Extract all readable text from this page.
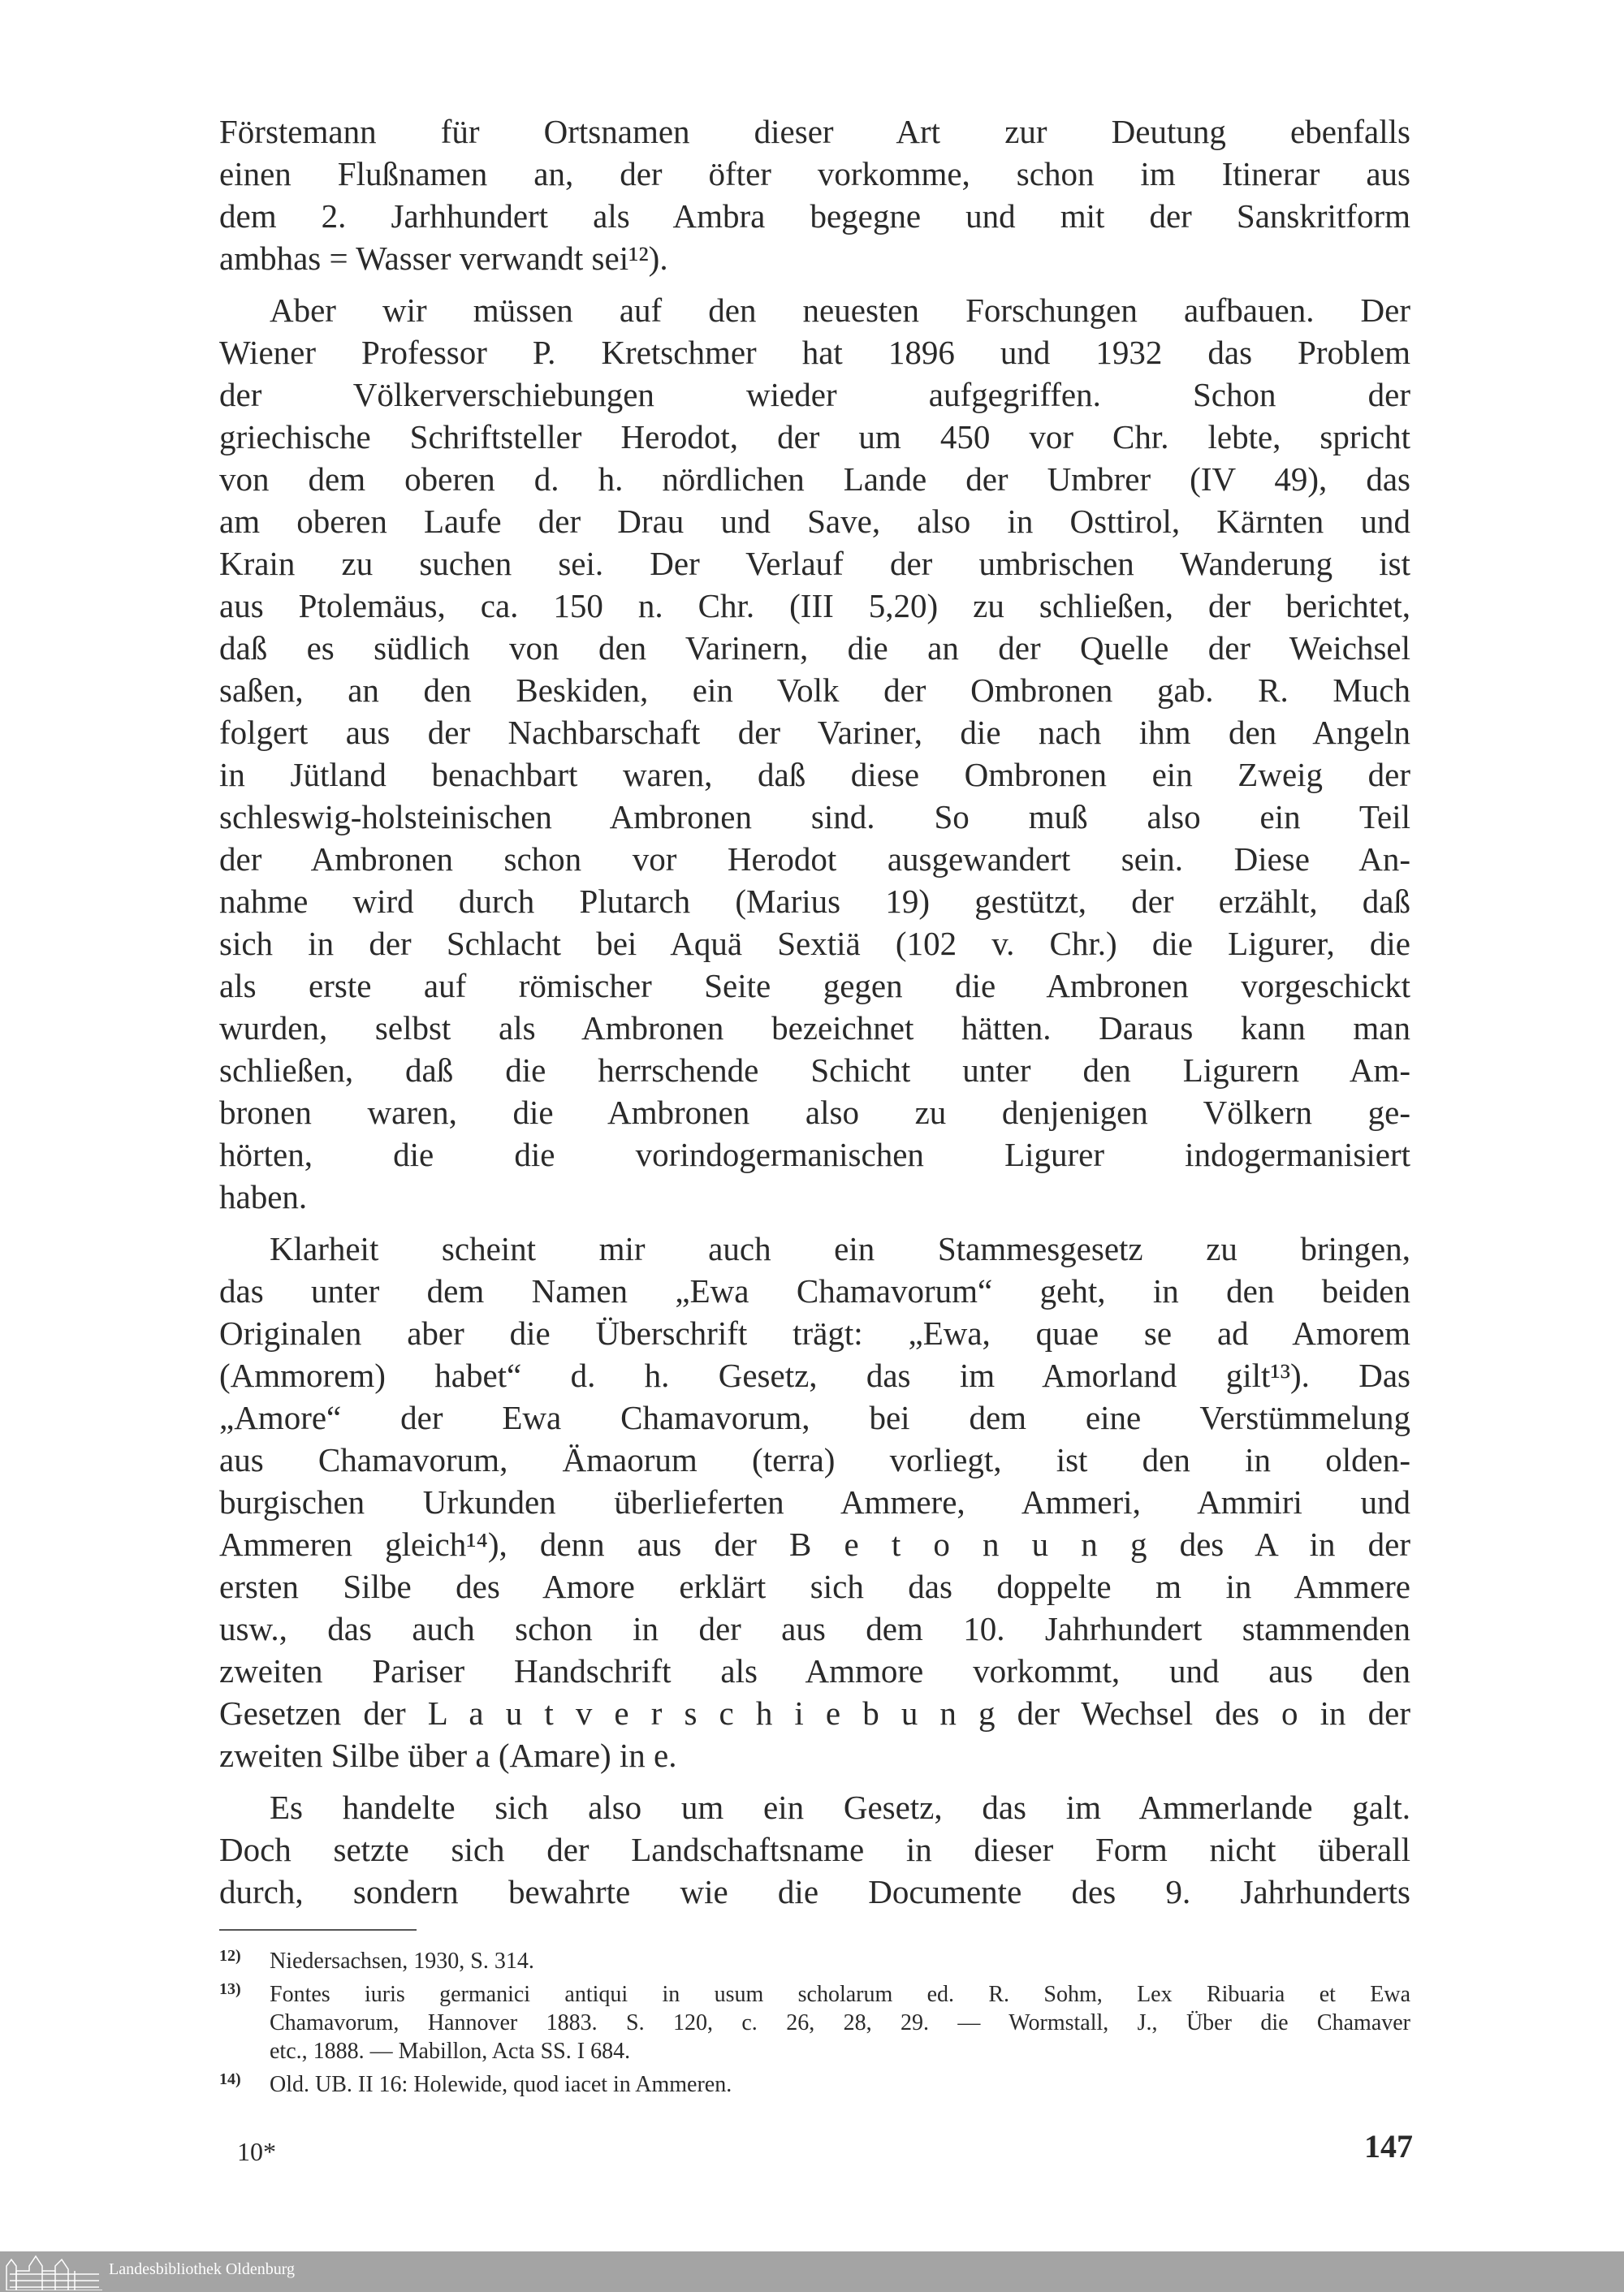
Förstemann für Ortsnamen dieser Art zur Deutung ebenfalls
einen Flußnamen an, der öfter vorkomme, schon im Itinerar aus
dem 2. Jarhhundert als Ambra begegne und mit der Sanskritform
ambhas = Wasser verwandt sei¹²).
Aber wir müssen auf den neuesten Forschungen aufbauen. Der
Wiener Professor P. Kretschmer hat 1896 und 1932 das Problem
der Völkerverschiebungen wieder aufgegriffen. Schon der
griechische Schriftsteller Herodot, der um 450 vor Chr. lebte, spricht
von dem oberen d. h. nördlichen Lande der Umbrer (IV 49), das
am oberen Laufe der Drau und Save, also in Osttirol, Kärnten und
Krain zu suchen sei. Der Verlauf der umbrischen Wanderung ist
aus Ptolemäus, ca. 150 n. Chr. (III 5,20) zu schließen, der berichtet,
daß es südlich von den Varinern, die an der Quelle der Weichsel
saßen, an den Beskiden, ein Volk der Ombronen gab. R. Much
folgert aus der Nachbarschaft der Variner, die nach ihm den Angeln
in Jütland benachbart waren, daß diese Ombronen ein Zweig der
schleswig-holsteinischen Ambronen sind. So muß also ein Teil
der Ambronen schon vor Herodot ausgewandert sein. Diese An-
nahme wird durch Plutarch (Marius 19) gestützt, der erzählt, daß
sich in der Schlacht bei Aquä Sextiä (102 v. Chr.) die Ligurer, die
als erste auf römischer Seite gegen die Ambronen vorgeschickt
wurden, selbst als Ambronen bezeichnet hätten. Daraus kann man
schließen, daß die herrschende Schicht unter den Ligurern Am-
bronen waren, die Ambronen also zu denjenigen Völkern ge-
hörten, die die vorindogermanischen Ligurer indogermanisiert
haben.
Klarheit scheint mir auch ein Stammesgesetz zu bringen,
das unter dem Namen „Ewa Chamavorum“ geht, in den beiden
Originalen aber die Überschrift trägt: „Ewa, quae se ad Amorem
(Ammorem) habet“ d. h. Gesetz, das im Amorland gilt¹³). Das
„Amore“ der Ewa Chamavorum, bei dem eine Verstümmelung
aus Chamavorum, Ämaorum (terra) vorliegt, ist den in olden-
burgischen Urkunden überlieferten Ammere, Ammeri, Ammiri und
Ammeren gleich¹⁴), denn aus der B e t o n u n g des A in der
ersten Silbe des Amore erklärt sich das doppelte m in Ammere
usw., das auch schon in der aus dem 10. Jahrhundert stammenden
zweiten Pariser Handschrift als Ammore vorkommt, und aus den
Gesetzen der L a u t v e r s c h i e b u n g der Wechsel des o in der
zweiten Silbe über a (Amare) in e.
Es handelte sich also um ein Gesetz, das im Ammerlande galt.
Doch setzte sich der Landschaftsname in dieser Form nicht überall
durch, sondern bewahrte wie die Documente des 9. Jahrhunderts
12) Niedersachsen, 1930, S. 314.
13) Fontes iuris germanici antiqui in usum scholarum ed. R. Sohm, Lex Ribuaria et Ewa
Chamavorum, Hannover 1883. S. 120, c. 26, 28, 29. — Wormstall, J., Über die Chamaver
etc., 1888. — Mabillon, Acta SS. I 684.
14) Old. UB. II 16: Holewide, quod iacet in Ammeren.
10*	147
Landesbibliothek Oldenburg
